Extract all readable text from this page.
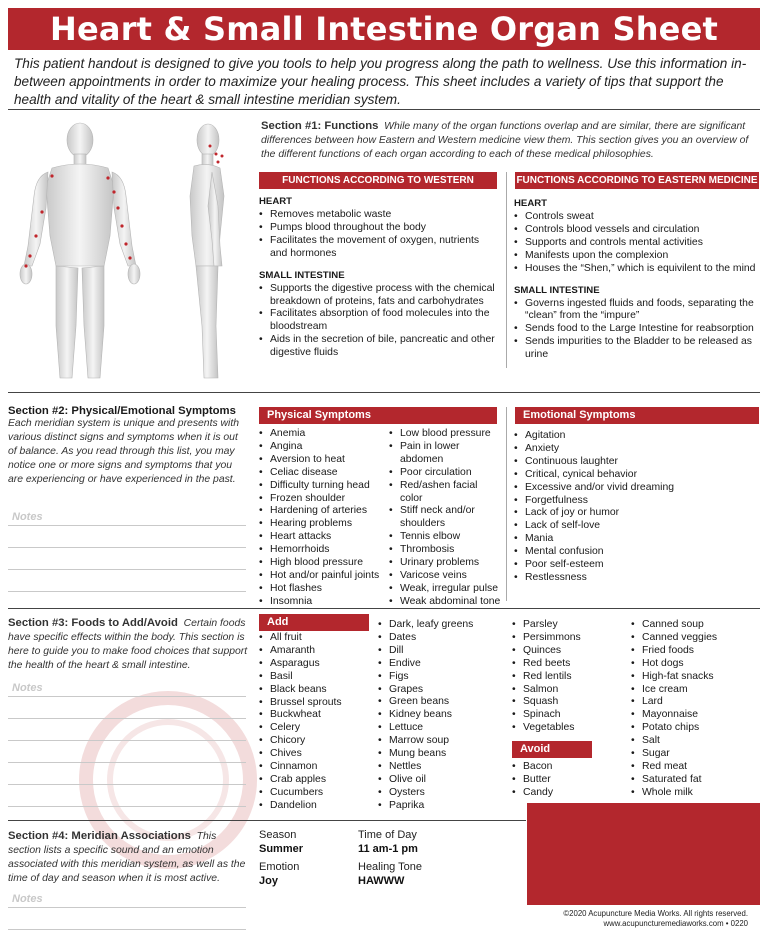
Heart & Small Intestine Organ Sheet

This patient handout is designed to give you tools to help you progress along the path to wellness. Use this information in-between appointments in order to maximize your healing process. This sheet includes a variety of tips that support the health and vitality of the heart & small intestine meridian system.

Section #1: Functions While many of the organ functions overlap and are similar, there are significant differences between how Eastern and Western medicine view them. This section gives you an overview of the different functions of each organ according to each of these medical philosophies.

FUNCTIONS ACCORDING TO WESTERN MEDICINE
FUNCTIONS ACCORDING TO EASTERN MEDICINE
HEART
• Removes metabolic waste
• Pumps blood throughout the body
• Facilitates the movement of oxygen, nutrients and hormones
SMALL INTESTINE
• Supports the digestive process with the chemical breakdown of proteins, fats and carbohydrates
• Facilitates absorption of food molecules into the bloodstream
• Aids in the secretion of bile, pancreatic and other digestive fluids
HEART
• Controls sweat
• Controls blood vessels and circulation
• Supports and controls mental activities
• Manifests upon the complexion
• Houses the “Shen,” which is equivilent to the mind
SMALL INTESTINE
• Governs ingested fluids and foods, separating the “clean” from the “impure”
• Sends food to the Large Intestine for reabsorption
• Sends impurities to the Bladder to be released as urine
Section #2: Physical/Emotional Symptoms

Each meridian system is unique and presents with various distinct signs and symptoms when it is out of balance. As you read through this list, you may notice one or more signs and symptoms that you are experiencing or have experienced in the past.

Notes
Physical Symptoms	Emotional Symptoms
• Anemia
• Angina
• Aversion to heat
• Celiac disease
• Difficulty turning head
• Frozen shoulder
• Hardening of arteries
• Hearing problems
• Heart attacks
• Hemorrhoids
• High blood pressure
• Hot and/or painful joints
• Hot flashes
• Insomnia
• Low blood pressure
• Pain in lower abdomen
• Poor circulation
• Red/ashen facial color
• Stiff neck and/or shoulders
• Tennis elbow
• Thrombosis
• Urinary problems
• Varicose veins
• Weak, irregular pulse
• Weak abdominal tone
• Agitation
• Anxiety
• Continuous laughter
• Critical, cynical behavior
• Excessive and/or vivid dreaming
• Forgetfulness
• Lack of joy or humor
• Lack of self-love
• Mania
• Mental confusion
• Poor self-esteem
• Restlessness

Section #3: Foods to Add/Avoid Certain foods have specific effects within the body. This section is here to guide you to make food choices that support the health of the heart & small intestine.

Notes
Add
• All fruit
• Amaranth
• Asparagus
• Basil
• Black beans
• Brussel sprouts
• Buckwheat
• Celery
• Chicory
• Chives
• Cinnamon
• Crab apples
• Cucumbers
• Dandelion
• Dark, leafy greens
• Dates
• Dill
• Endive
• Figs
• Grapes
• Green beans
• Kidney beans
• Lettuce
• Marrow soup
• Mung beans
• Nettles
• Olive oil
• Oysters
• Paprika
• Parsley
• Persimmons
• Quinces
• Red beets
• Red lentils
• Salmon
• Squash
• Spinach
• Vegetables
Avoid
• Bacon
• Butter
• Candy
• Canned soup
• Canned veggies
• Fried foods
• Hot dogs
• High-fat snacks
• Ice cream
• Lard
• Mayonnaise
• Potato chips
• Salt
• Sugar
• Red meat
• Saturated fat
• Whole milk

Section #4: Meridian Associations This section lists a specific sound and an emotion associated with this meridian system, as well as the time of day and season when it is most active.

Notes
Season
Summer
Time of Day
11 am-1 pm
Emotion
Joy
Healing Tone
HAWWW
©2020 Acupuncture Media Works. All rights reserved.
www.acupuncturemediaworks.com • 0220
